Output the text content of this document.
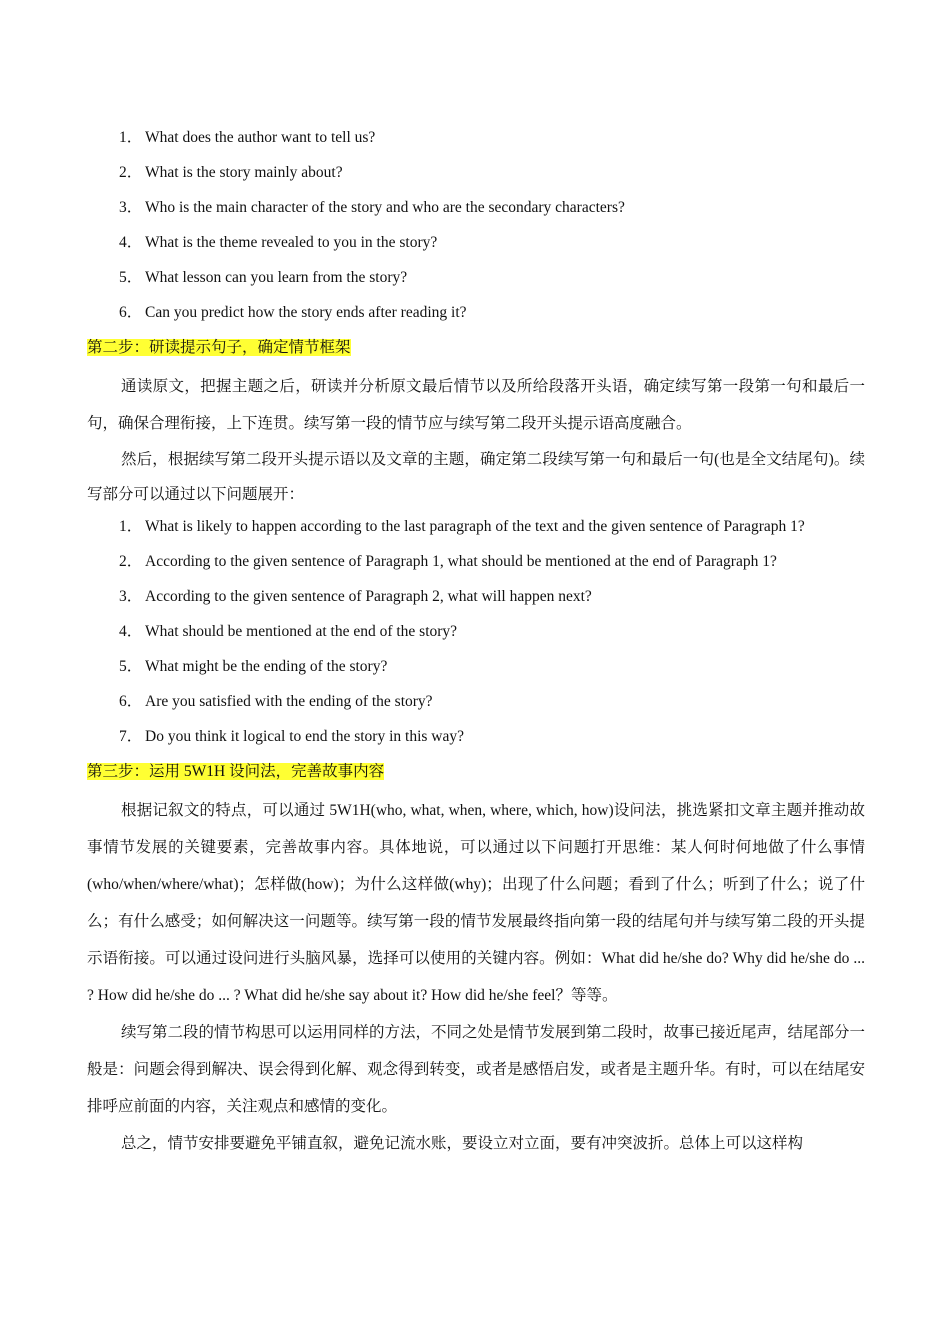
1． What does the author want to tell us?
2． What is the story mainly about?
3． Who is the main character of the story and who are the secondary characters?
4． What is the theme revealed to you in the story?
5． What lesson can you learn from the story?
6． Can you predict how the story ends after reading it?
第二步：研读提示句子，确定情节框架

通读原文，把握主题之后，研读并分析原文最后情节以及所给段落开头语，确定续写第一段第一句和最后一句，确保合理衔接，上下连贯。续写第一段的情节应与续写第二段开头提示语高度融合。

然后，根据续写第二段开头提示语以及文章的主题，确定第二段续写第一句和最后一句(也是全文结尾句)。续写部分可以通过以下问题展开：

1． What is likely to happen according to the last paragraph of the text and the given sentence of Paragraph 1?
2． According to the given sentence of Paragraph 1, what should be mentioned at the end of Paragraph 1?
3． According to the given sentence of Paragraph 2, what will happen next?
4． What should be mentioned at the end of the story?
5． What might be the ending of the story?
6． Are you satisfied with the ending of the story?
7． Do you think it logical to end the story in this way?
第三步：运用 5W1H 设问法，完善故事内容

根据记叙文的特点，可以通过 5W1H(who, what, when, where, which, how)设问法，挑选紧扣文章主题并推动故事情节发展的关键要素，完善故事内容。具体地说，可以通过以下问题打开思维：某人何时何地做了什么事情(who/when/where/what)；怎样做(how)；为什么这样做(why)；出现了什么问题；看到了什么；听到了什么；说了什么；有什么感受；如何解决这一问题等。续写第一段的情节发展最终指向第一段的结尾句并与续写第二段的开头提示语衔接。可以通过设问进行头脑风暴，选择可以使用的关键内容。例如：What did he/she do? Why did he/she do ... ? How did he/she do ... ? What did he/she say about it? How did he/she feel？等等。

续写第二段的情节构思可以运用同样的方法，不同之处是情节发展到第二段时，故事已接近尾声，结尾部分一般是：问题会得到解决、误会得到化解、观念得到转变，或者是感悟启发，或者是主题升华。有时，可以在结尾安排呼应前面的内容，关注观点和感情的变化。

总之，情节安排要避免平铺直叙，避免记流水账，要设立对立面，要有冲突波折。总体上可以这样构
